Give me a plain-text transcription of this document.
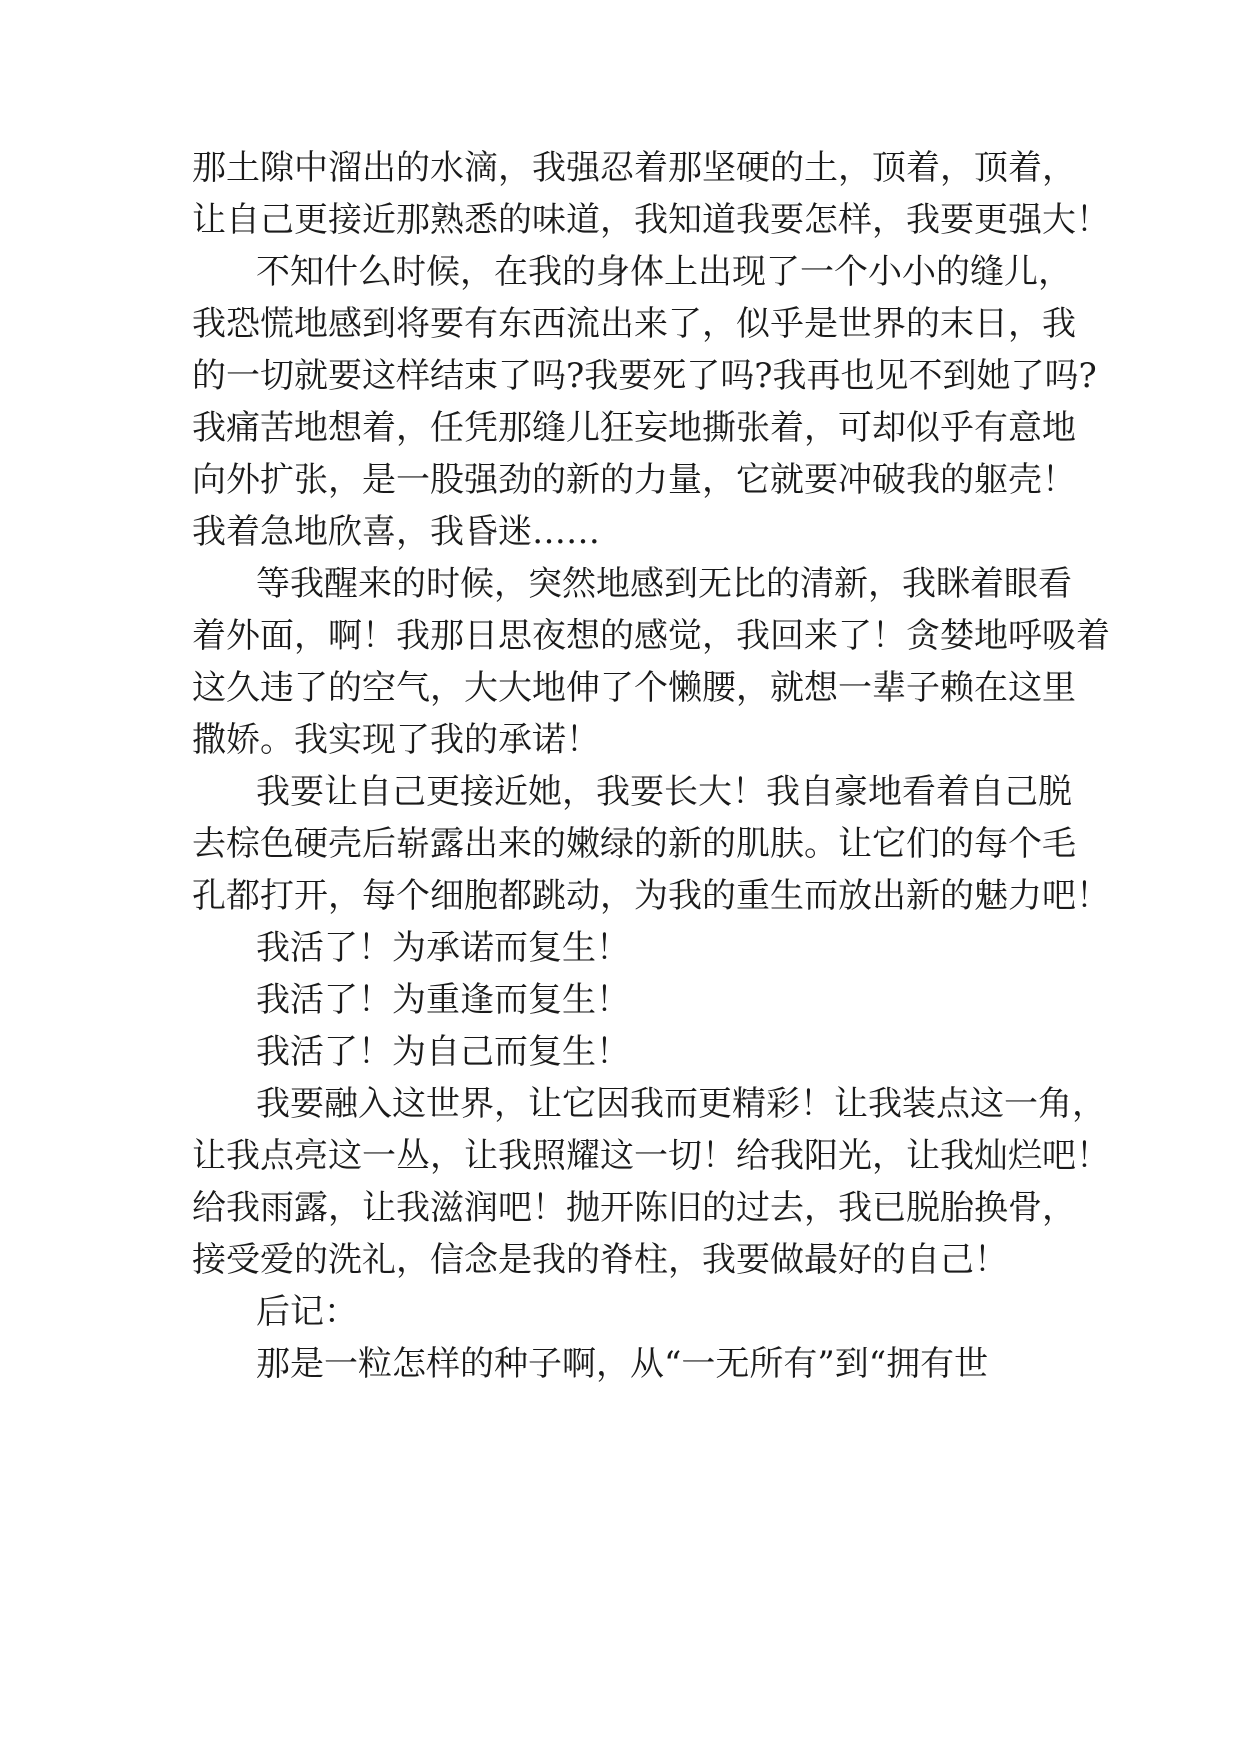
那土隙中溜出的水滴，我强忍着那坚硬的土，顶着，顶着，

让自己更接近那熟悉的味道，我知道我要怎样，我要更强大！

不知什么时候，在我的身体上出现了一个小小的缝儿，

我恐慌地感到将要有东西流出来了，似乎是世界的末日，我

的一切就要这样结束了吗?我要死了吗?我再也见不到她了吗?

我痛苦地想着，任凭那缝儿狂妄地撕张着，可却似乎有意地

向外扩张，是一股强劲的新的力量，它就要冲破我的躯壳！

我着急地欣喜，我昏迷……

等我醒来的时候，突然地感到无比的清新，我眯着眼看

着外面，啊！我那日思夜想的感觉，我回来了！贪婪地呼吸着

这久违了的空气，大大地伸了个懒腰，就想一辈子赖在这里

撒娇。我实现了我的承诺！

我要让自己更接近她，我要长大！我自豪地看着自己脱

去棕色硬壳后崭露出来的嫩绿的新的肌肤。让它们的每个毛

孔都打开，每个细胞都跳动，为我的重生而放出新的魅力吧！

我活了！为承诺而复生！

我活了！为重逢而复生！

我活了！为自己而复生！

我要融入这世界，让它因我而更精彩！让我装点这一角，

让我点亮这一丛，让我照耀这一切！给我阳光，让我灿烂吧！

给我雨露，让我滋润吧！抛开陈旧的过去，我已脱胎换骨，

接受爱的洗礼，信念是我的脊柱，我要做最好的自己！

后记：

那是一粒怎样的种子啊，从“一无所有”到“拥有世
